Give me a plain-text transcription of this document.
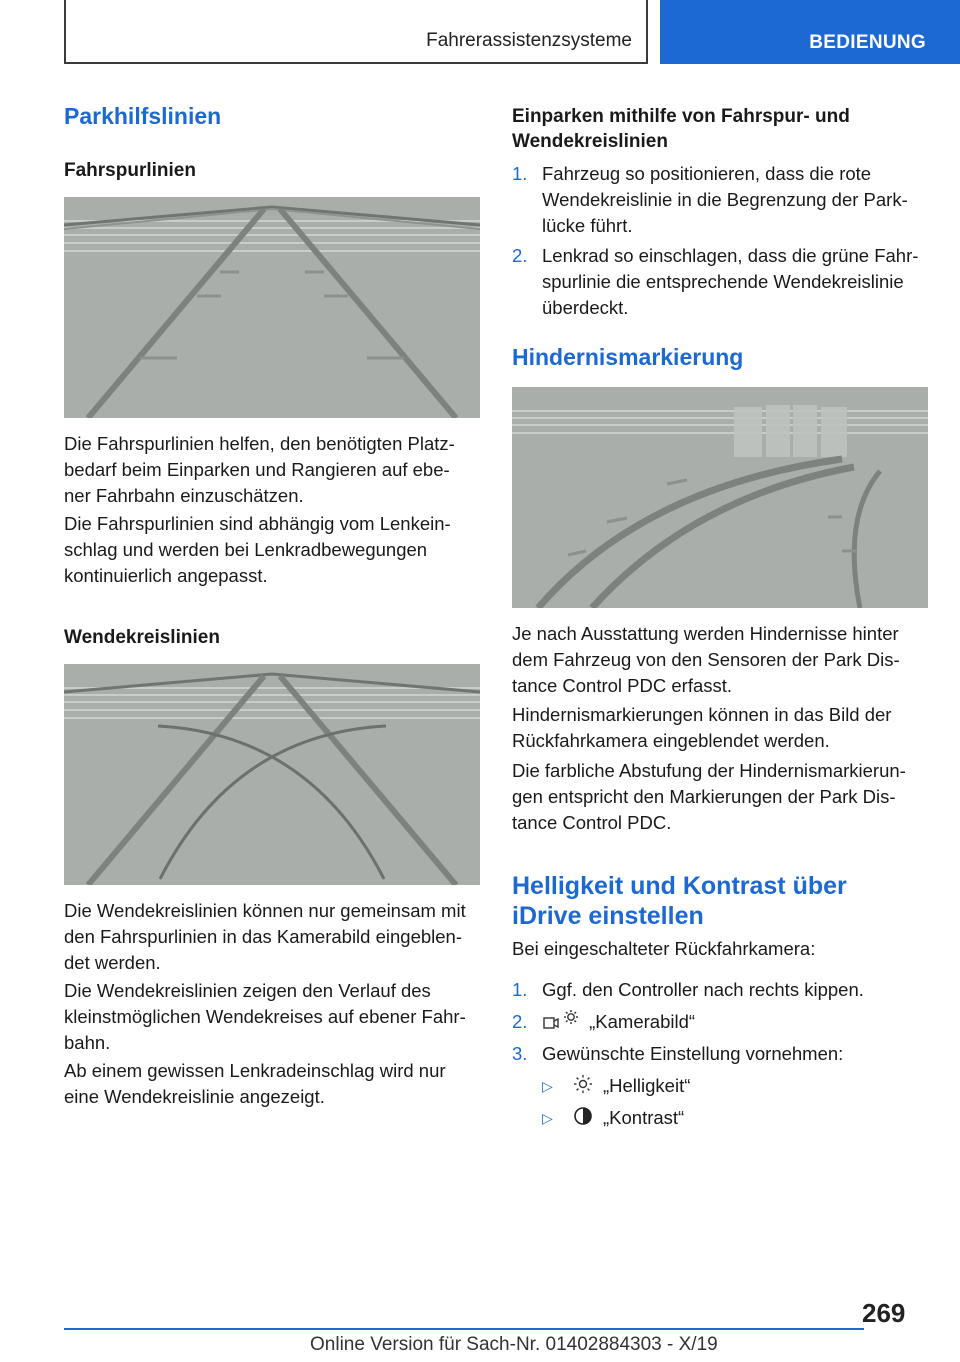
Fahrerassistenzsysteme	BEDIENUNG
Parkhilfslinien
Fahrspurlinien

Die Fahrspurlinien helfen, den benötigten Platz-
bedarf beim Einparken und Rangieren auf ebe-
ner Fahrbahn einzuschätzen.

Die Fahrspurlinien sind abhängig vom Lenkein-
schlag und werden bei Lenkradbewegungen
kontinuierlich angepasst.

Wendekreislinien

Die Wendekreislinien können nur gemeinsam mit
den Fahrspurlinien in das Kamerabild eingeblen-
det werden.

Die Wendekreislinien zeigen den Verlauf des
kleinstmöglichen Wendekreises auf ebener Fahr-
bahn.

Ab einem gewissen Lenkradeinschlag wird nur
eine Wendekreislinie angezeigt.

Einparken mithilfe von Fahrspur- und
Wendekreislinien
1. Fahrzeug so positionieren, dass die rote
Wendekreislinie in die Begrenzung der Park-
lücke führt.
2. Lenkrad so einschlagen, dass die grüne Fahr-
spurlinie die entsprechende Wendekreislinie
überdeckt.
Hindernismarkierung

Je nach Ausstattung werden Hindernisse hinter
dem Fahrzeug von den Sensoren der Park Dis-
tance Control PDC erfasst.

Hindernismarkierungen können in das Bild der
Rückfahrkamera eingeblendet werden.

Die farbliche Abstufung der Hindernismarkierun-
gen entspricht den Markierungen der Park Dis-
tance Control PDC.

Helligkeit und Kontrast über
iDrive einstellen

Bei eingeschalteter Rückfahrkamera:

1. Ggf. den Controller nach rechts kippen.
2.	„Kamerabild“
3. Gewünschte Einstellung vornehmen:
▷	„Helligkeit“
▷	„Kontrast“
269
Online Version für Sach-Nr. 01402884303 - X/19
